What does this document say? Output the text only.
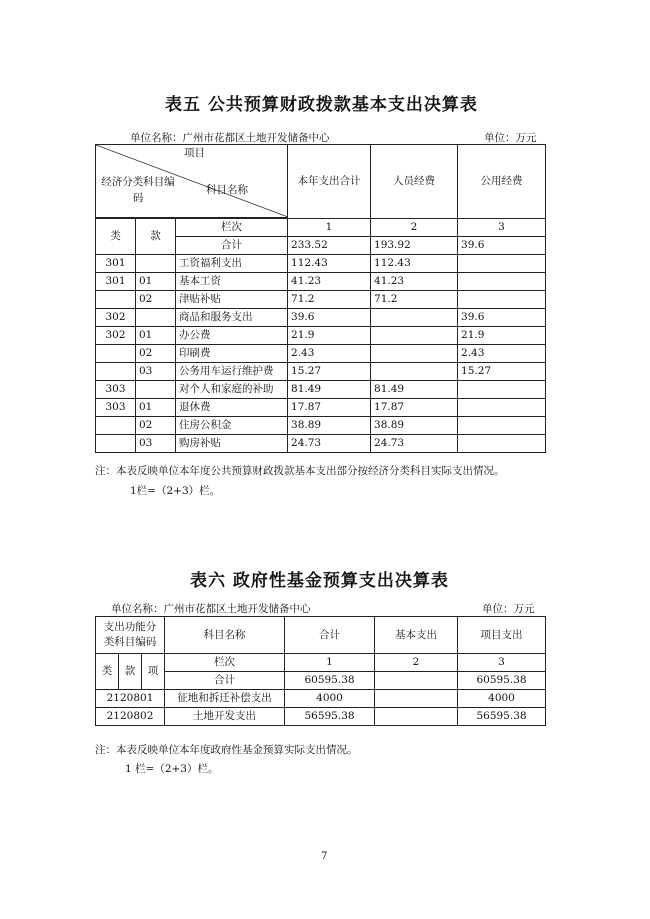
表五 公共预算财政拨款基本支出决算表
单位名称：广州市花都区土地开发储备中心	单位：万元
项目
经济分类科目编码
科目名称			本年支出合计	人员经费	公用经费

类	款	栏次	1	2	3
		合计	233.52	193.92	39.6
301		工资福利支出	112.43	112.43	
301	01	基本工资	41.23	41.23	
	02	津贴补贴	71.2	71.2	
302		商品和服务支出	39.6		39.6
302	01	办公费	21.9		21.9
	02	印刷费	2.43		2.43
	03	公务用车运行维护费	15.27		15.27
303		对个人和家庭的补助	81.49	81.49	
303	01	退休费	17.87	17.87	
	02	住房公积金	38.89	38.89	
	03	购房补贴	24.73	24.73	
注：本表反映单位本年度公共预算财政拨款基本支出部分按经济分类科目实际支出情况。
1栏=（2+3）栏。
表六 政府性基金预算支出决算表
单位名称：广州市花都区土地开发储备中心	单位：万元
支出功能分类科目编码			科目名称	合计	基本支出	项目支出
类	款	项	栏次	1	2	3
			合计	60595.38		60595.38
2120801			征地和拆迁补偿支出	4000		4000
2120802			土地开发支出	56595.38		56595.38
注：本表反映单位本年度政府性基金预算实际支出情况。
1 栏=（2+3）栏。
7
